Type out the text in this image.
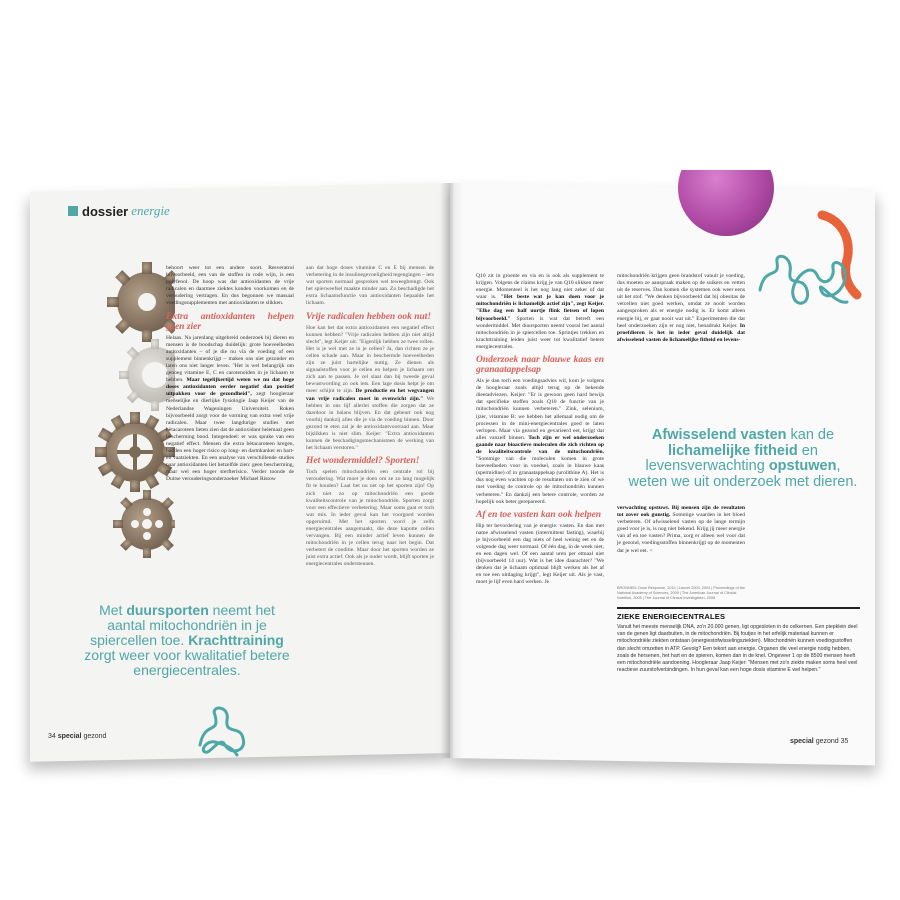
dossier energie

behoort weer tot een andere soort. Resveratrol bijvoorbeeld, een van de stoffen in rode wijn, is een polyfenol. De hoop was dat antioxidanten de vrije radicalen en daarmee ziektes konden voorkomen en de veroudering vertragen. En dus begonnen we massaal voedingssupplementen met antioxidanten te slikken.

Extra antioxidanten helpen geen zier

Helaas. Na jarenlang uitgebreid onderzoek bij dieren en mensen is de boodschap duidelijk: grote hoeveelheden antioxidanten – of je die nu via de voeding of een supplement binnenkrijgt – maken ons niet gezonder en laten ons niet langer leven. "Het is wel belangrijk om genoeg vitamine E, C en carotenoïden in je lichaam te hebben. Maar tegelijkertijd weten we nu dat hoge doses antioxidanten eerder negatief dan positief uitpakken voor de gezondheid", zegt hoogleraar menselijke en dierlijke fysiologie Jaap Keijer van de Nederlandse Wageningen Universiteit. Roken bijvoorbeeld zorgt voor de vorming van extra veel vrije radicalen. Maar twee langdurige studies met bètacaroteen lieten zien dat de antioxidant helemaal geen bescherming bood. Integendeel: er was sprake van een negatief effect. Mensen die extra bètacaroteen kregen, hadden een hoger risico op long- en darmkanker en hart- en vaatziekten. En een analyse van verschillende studies naar antioxidanten liet hetzelfde zien: geen bescherming, maar wel een hoger sterfterisico. Verder toonde de Duitse verouderingsonderzoeker Michael Ristow

aan dat hoge doses vitamine C en E bij mensen de verbetering in de insulinegevoeligheid tegengingen – iets wat sporten normaal gesproken wel teweegbrengt. Ook het spierweefsel maakte minder aan. Zo beschadigde het extra lichaamsfunctie van antioxidanten bepaalde het lichaam.

Vrije radicalen hebben ook nut!

Hoe kan het dat extra antioxidanten een negatief effect kunnen hebben? "Vrije radicalen hebben zijn niet altijd slecht", legt Keijer uit. "Eigenlijk hebben ze twee rollen. Het is je wel met ze in je cellen? Ja, dan richten ze je cellen schade aan. Maar in beschermde hoeveelheden zijn ze juist hartelijke nuttig. Ze dienen als signaalstoffen voor je cellen en helpen je lichaam om zich aan te passen. Je cel slaat dan bij tweede geval bewustwording zo ook iets. Een lage dosis helpt je om meer schijnt te zijn. De productie en het wegvangen van vrije radicalen moet in evenwicht zijn." We hebben in ons lijf allerlei stoffen die zorgen dat ze daardoor in balans blijven. En dat gebeurt ook nog voorbij dankzij alles die je via de voeding binnen. Door gezond te eten zal je de antioxidantvoorraad aan. Maar bijslikken is niet slim. Keijer: "Extra antioxidanten kunnen de beschadigingsmechanismen de werking van het lichaam verstoren."

Het wondermiddel? Sporten!

Toch spelen mitochondriën een centrale rol bij veroudering. Wat moet je doen om ze zo lang mogelijk fit te houden? Laat het nu net op het sporten zijn! Op zich niet zo op mitochondriën een goede kwaliteitscontrole van je mitochondriën. Sporten zorgt voor een effectieve verbetering. Maar soms gaat er toch wat mis. In ieder geval kan het voorgoed worden opgeruimd. Met het sporten word je zelfs energiecentrales aangemaakt, die deze kapotte cellen vervangen. Bij een minder actief leven kunnen de mitochondriën in je cellen terug naar het begin. Dat verbetert de conditie. Maar door het sporten worden ze juist extra actief. Ook als je ouder wordt, blijft sporten je energiecentrales ondersteunen.

Met duursporten neemt het aantal mitochondriën in je spiercellen toe. Krachttraining zorgt weer voor kwalitatief betere energiecentrales.
34 special gezond

Q10 zit in groente en vis en is ook als supplement te krijgen. Volgens de claims krijg je van Q10 slikken meer energie. Momenteel is het nog lang niet zeker of dat waar is. "Het beste wat je kan doen voor je mitochondriën is lichamelijk actief zijn", zegt Keijer. "Elke dag een half uurtje flink fietsen of lopen bijvoorbeeld." Sporten is wat dat betreft een wondermiddel. Met duursporten neemt vooral het aantal mitochondriën in je spiercellen toe. Sprintjes trekken en krachttraining leiden juist weer tot kwalitatief betere energiecentrales.

Onderzoek naar blauwe kaas en granaatappelsap

Als je dan toch een voedingsadvies wil, kom je volgens de hoogleraar zoals altijd terug op de bekende dieetadviezen. Keijer: "Er is gewoon geen hard bewijs dat specifieke stoffen zoals Q10 de functie van je mitochondriën kunnen verbeteren." Zink, selenium, ijzer, vitamine B: we hebben het allemaal nodig om de processen in de mini-energiecentrales goed te laten verlopen. Maar via gezond en gevarieerd eet, krijgt dat alles vanzelf binnen. Toch zijn er wel onderzoeken gaande naar bioactieve moleculen die zich richten op de kwaliteitscontrole van de mitochondriën. "Sommige van die moleculen komen in grote hoeveelheden voor in voedsel, zoals in blauwe kaas (spermidine) of in granaatappelsap (urolithine A). Het is dus nog even wachten op de resultaten om te zien of we met voeding de controle op de mitochondriën kunnen verbeteren." En dankzij een betere controle, worden ze hopelijk ook beter gerepareerd.

Af en toe vasten kan ook helpen

Hip ter bevordering van je energie: vasten. En dan met name afwisselend vasten (intermittent fasting), waarbij je bijvoorbeeld een dag niets of heel weinig eet en de volgende dag weer normaal. Of één dag, in de week niet, en een dagen wel. Of een aantal uren per etmaal niet (bijvoorbeeld 14 uur). Wat is het idee daarachter? "We denken dat je lichaam optimaal blijft werken als het af en toe een uitdaging krijgt", legt Keijer uit. Als je vast, moet je lijf even hard werken. Je

mitochondriën krijgen geen brandstof vanuit je voeding, dus moeten ze aanspraak maken op de suikers en vetten uit de reserves. Dan komen die systemen ook weer eens uit het stof. "We denken bijvoorbeeld dat bij obesitas de vetcellen niet goed werken, omdat ze nooit worden aangesproken als er energie nodig is. Er komt alleen energie bij, er gaat nooit wat uit." Experimenten die dat heel onderzoeken zijn er nog niet, benadrukt Keijer. In proefdieren is het in ieder geval duidelijk dat afwisselend vasten de lichamelijke fitheid en levens-

Afwisselend vasten kan de lichamelijke fitheid en levensverwachting opstuwen, weten we uit onderzoek met dieren.

verwachting opstuwt. Bij mensen zijn de resultaten tot zover ook gunstig. Sommige waarden in het bloed verbeteren. Of afwisselend vasten op de lange termijn goed voor je is, is nog niet bekend. Krijg jij meer energie van af en toe vasten? Prima, zorg er alleen wel voor dat je gezond, voedingsstoffen binnenkrijgt op de momenten dat je wel eet. <

BRONNEN: Dose Response, 2014 | Lancet 2003, 2004 | Proceedings of the National Academy of Sciences, 2009 | The American Journal of Clinical Nutrition, 2005 | The Journal of Clinical Investigation, 2008
ZIEKE ENERGIECENTRALES
Vanuit het meeste menselijk DNA, zo'n 20.000 genen, ligt opgesloten in de celkernen. Een piepklein deel van de genen ligt daarbuiten, in de mitochondriën. Bij foutjes in het erfelijk materiaal kunnen er mitochondriële ziekten ontstaan (energiestofwisselingsziekten). Mitochondriën kunnen voedingsstoffen dan slecht omzetten in ATP. Gevolg? Een tekort aan energie. Organen die veel energie nodig hebben, zoals de hersenen, het hart en de spieren, komen dan in de knel. Ongeveer 1 op de 8500 mensen heeft een mitochondriële aandoening. Hoogleraar Jaap Keijer: "Mensen met zo'n ziekte maken soms heel veel reactieve zuurstofverbindingen. In hun geval kan een hoge dosis vitamine E wel helpen."
special gezond 35
